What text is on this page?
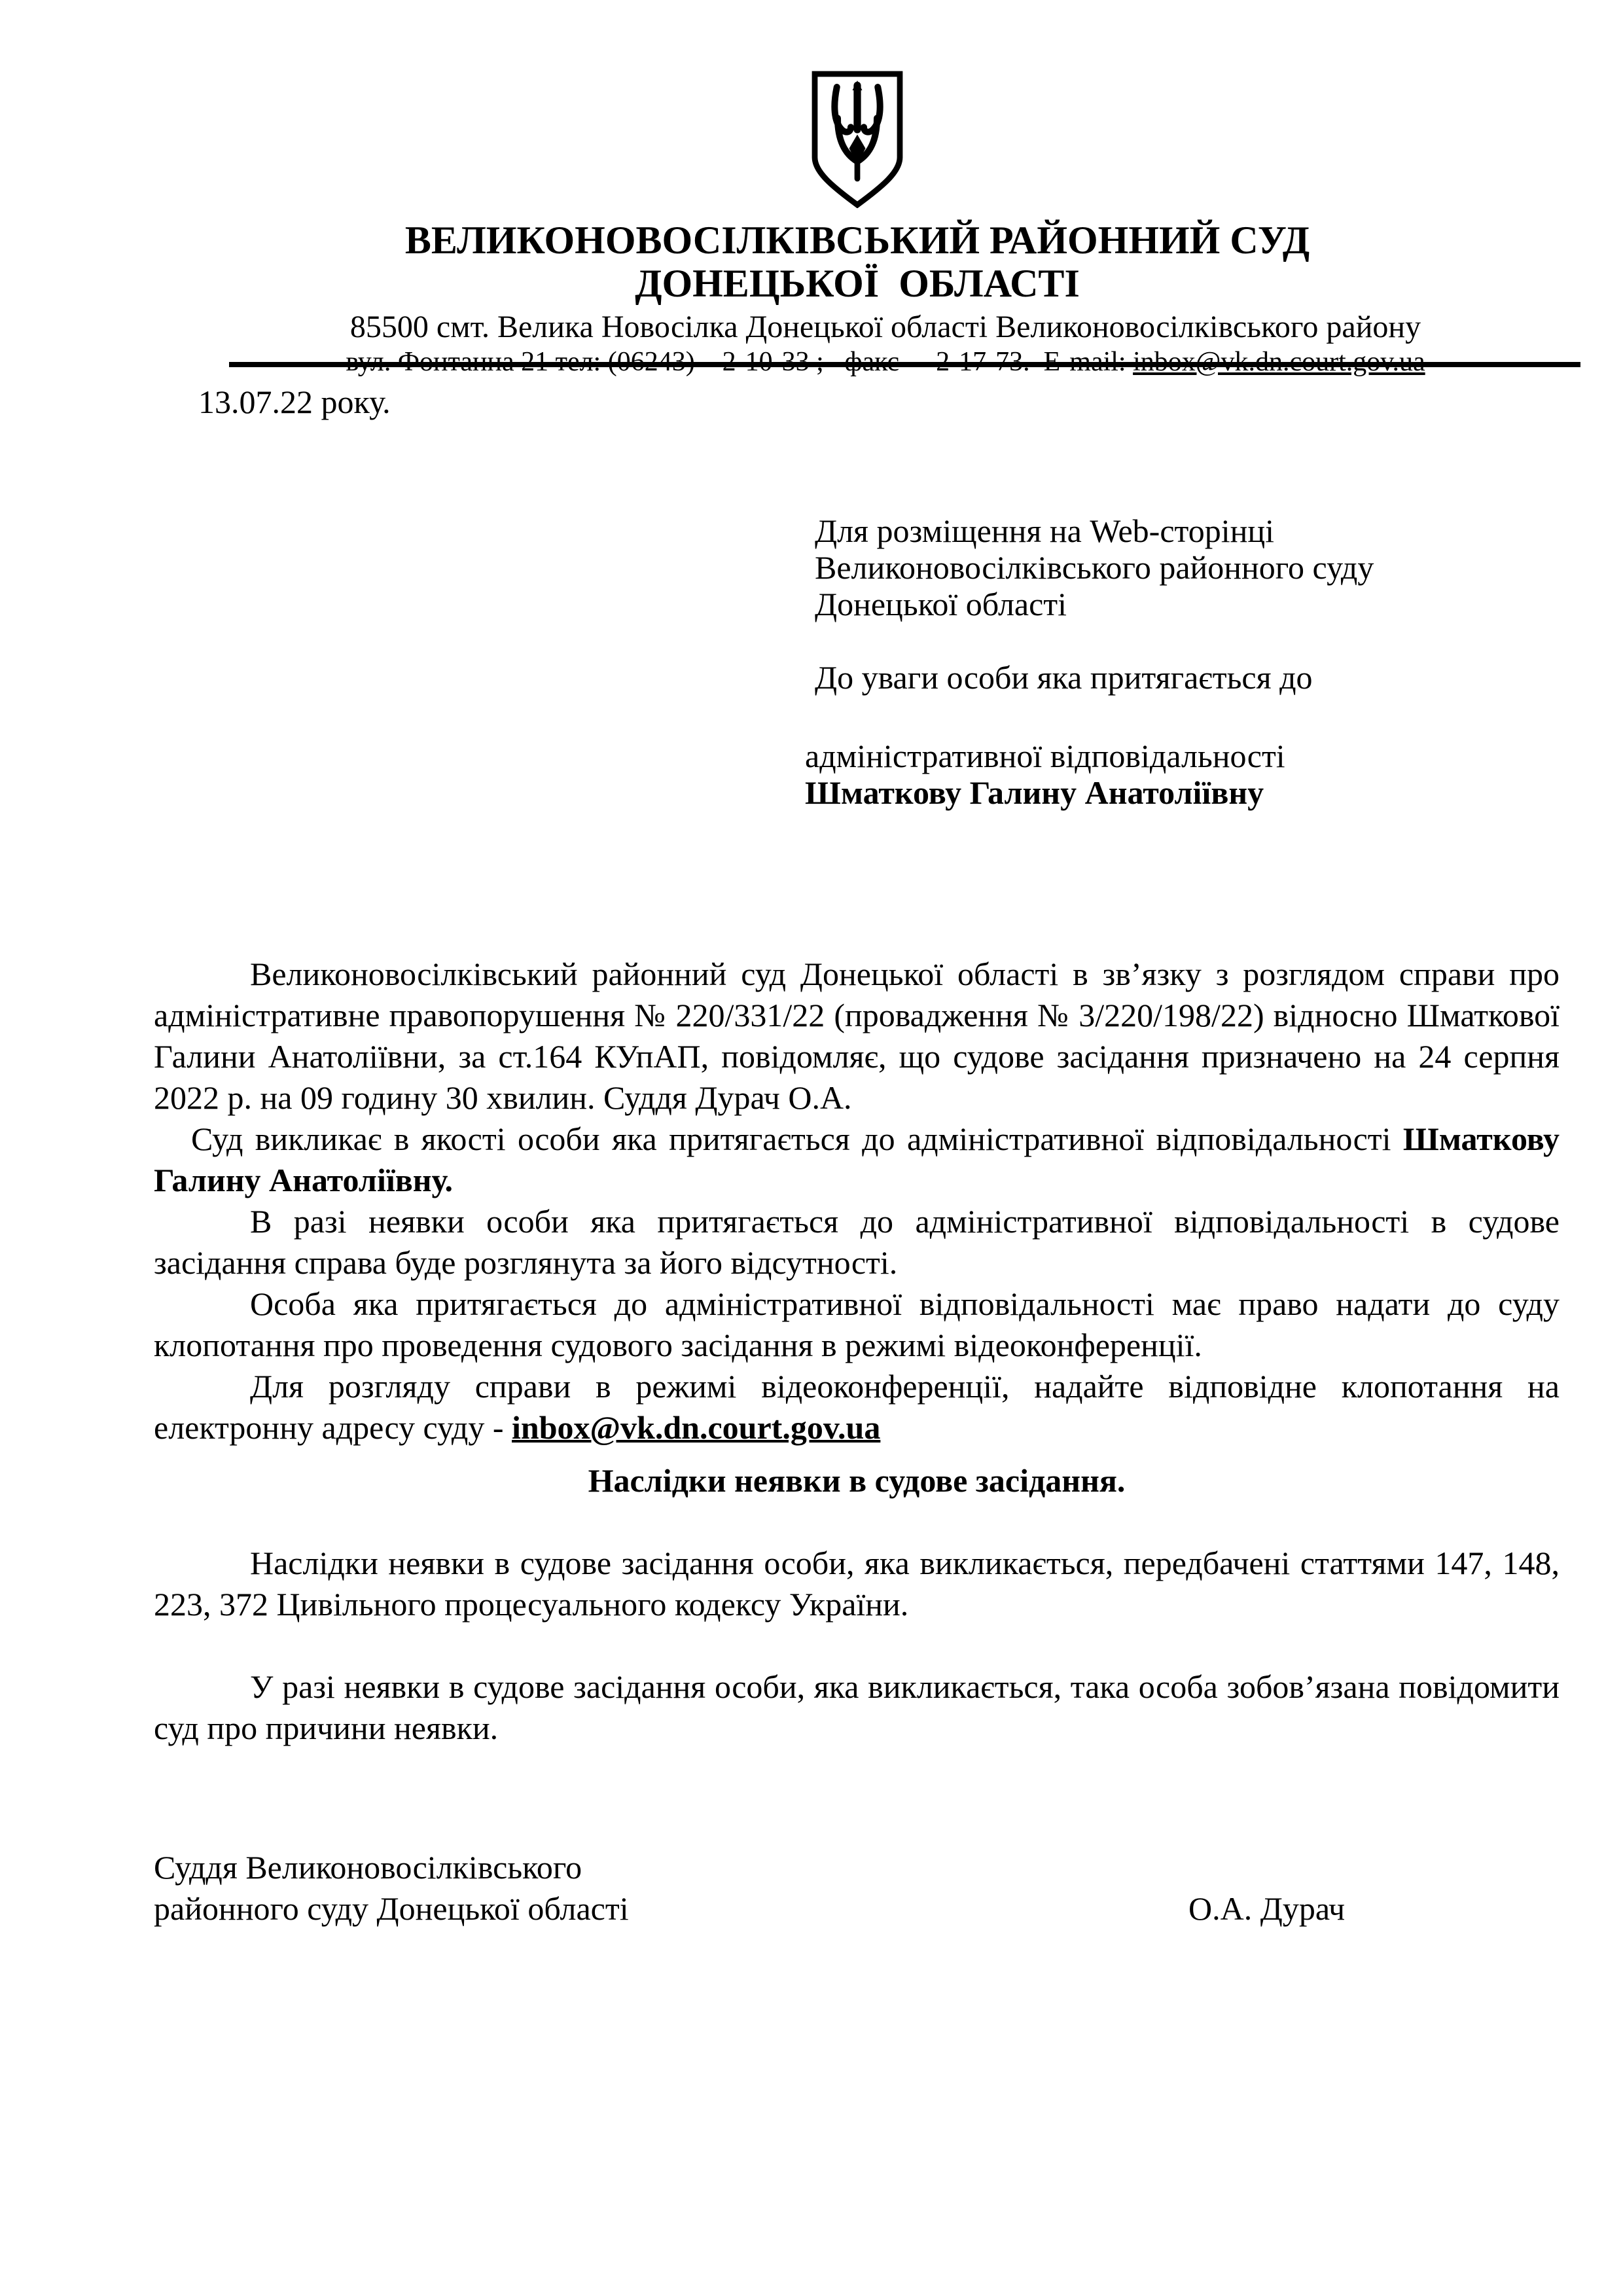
ВЕЛИКОНОВОСІЛКІВСЬКИЙ РАЙОННИЙ СУД
ДОНЕЦЬКОЇ  ОБЛАСТІ
85500 смт. Велика Новосілка Донецької області Великоновосілківського району
13.07.22 року.
Для розміщення на Web-сторінці
Великоновосілківського районного суду
Донецької області
До уваги особи яка притягається до
адміністративної відповідальності
Шматкову Галину Анатоліївну

Великоновосілківський районний суд Донецької області в зв’язку з розглядом справи про адміністративне правопорушення № 220/331/22 (провадження № 3/220/198/22) відносно Шматкової Галини Анатоліївни, за ст.164 КУпАП, повідомляє, що судове засідання призначено на 24 серпня 2022 р. на 09 годину 30 хвилин. Суддя Дурач О.А.

Суд викликає в якості особи яка притягається до адміністративної відповідальності Шматкову Галину Анатоліївну.

В разі неявки особи яка притягається до адміністративної відповідальності в судове засідання справа буде розглянута за його відсутності.

Особа яка притягається до адміністративної відповідальності має право надати до суду клопотання про проведення судового засідання в режимі відеоконференції.

Для розгляду справи в режимі відеоконференції, надайте відповідне клопотання на електронну адресу суду - inbox@vk.dn.court.gov.ua

Наслідки неявки в судове засідання.

Наслідки неявки в судове засідання особи, яка викликається, передбачені статтями 147, 148, 223, 372 Цивільного процесуального кодексу України.

У разі неявки в судове засідання особи, яка викликається, така особа зобов’язана повідомити суд про причини неявки.

Суддя Великоновосілківського
районного суду Донецької області	О.А. Дурач
